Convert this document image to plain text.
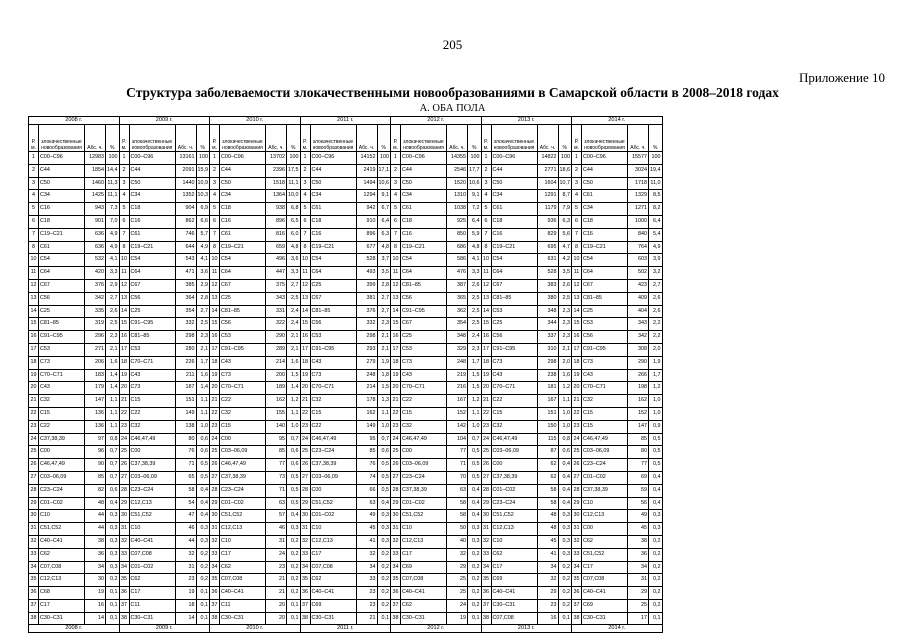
205
Приложение 10
Структура заболеваемости злокачественными новообразованиями в Самарской области в 2008–2018 годах
А. ОБА ПОЛА
2008 г.				2009 г.				2010 г.				2011 г.				2012 г.				2013 г.				2014 г.			
Р. м.	злокачественные новообразования	Абс. ч.	%	Р. м.	злокачественные новообразования	Абс. ч.	%	Р. м.	злокачественные новообразования	Абс. ч.	%	Р. м.	злокачественные новообразования	Абс. ч.	%	Р. м.	злокачественные новообразования	Абс. ч.	%	Р. м.	злокачественные новообразования	Абс. ч.	%	Р. м.	злокачественные новообразования	Абс. ч.	%
1	C00–C96	12983	100	1	C00–C96	13161	100	1	C00–C96	13702	100	1	C00–C96	14152	100	1	C00–C96	14355	100	1	C00–C96	14822	100	1	C00–C96	15577	100
2	C44	1854	14,4	2	C44	2091	15,9	2	C44	2396	17,5	2	C44	2419	17,1	2	C44	2546	17,7	2	C44	2771	18,6	2	C44	3024	19,4
3	C50	1460	11,3	3	C50	1440	10,9	3	C50	1518	11,1	3	C50	1494	10,6	3	C50	1520	10,6	3	C50	1604	10,7	3	C50	1718	11,0
4	C34	1425	11,1	4	C34	1352	10,3	4	C34	1364	10,0	4	C34	1294	9,1	4	C34	1310	9,1	4	C34	1291	8,7	4	C61	1329	8,5
5	C16	943	7,3	5	C18	904	6,9	5	C18	938	6,8	5	C61	942	6,7	5	C61	1038	7,2	5	C61	1179	7,9	5	C34	1271	8,2
6	C18	901	7,0	6	C16	862	6,6	6	C16	896	6,5	6	C18	910	6,4	6	C18	925	6,4	6	C18	936	6,3	6	C18	1000	6,4
7	C19–C21	636	4,9	7	C61	746	5,7	7	C61	816	6,0	7	C16	896	6,3	7	C16	850	5,9	7	C16	829	5,6	7	C16	840	5,4
8	C61	636	4,9	8	C19–C21	644	4,9	8	C19–C21	659	4,8	8	C19–C21	677	4,8	8	C19–C21	686	4,8	8	C19–C21	695	4,7	8	C19–C21	764	4,9
10	C54	532	4,1	10	C54	543	4,1	10	C54	496	3,6	10	C54	528	3,7	10	C54	586	4,1	10	C54	631	4,2	10	C54	603	3,9
11	C64	420	3,3	11	C64	471	3,6	11	C64	447	3,3	11	C64	493	3,5	11	C64	476	3,3	11	C64	528	3,5	11	C64	502	3,2
12	C67	376	2,9	12	C67	385	2,9	12	C67	375	2,7	12	C25	399	2,8	12	C81–85	387	2,6	12	C67	383	2,6	12	C67	423	2,7
13	C56	342	2,7	13	C56	364	2,8	13	C25	343	2,5	13	C67	381	2,7	13	C56	365	2,5	13	C81–85	380	2,5	13	C81–85	409	2,6
14	C25	335	2,6	14	C25	354	2,7	14	C81–85	331	2,4	14	C81–85	376	2,7	14	C91–C95	362	2,5	14	C53	348	2,3	14	C25	404	2,6
15	C81–85	319	2,5	15	C91–C95	332	2,5	15	C56	322	2,4	15	C56	332	2,3	15	C67	354	2,5	15	C25	344	2,3	15	C53	343	2,2
16	C91–C95	296	2,3	16	C81–85	298	2,3	16	C53	290	2,1	16	C53	298	2,1	16	C25	348	2,4	16	C56	337	2,3	16	C56	342	2,2
17	C53	271	2,1	17	C53	280	2,1	17	C91–C95	289	2,1	17	C91–C95	293	2,1	17	C53	329	2,3	17	C91–C95	310	2,1	17	C91–C95	308	2,0
18	C73	206	1,6	18	C70–C71	226	1,7	18	C43	214	1,6	18	C43	279	1,9	18	C73	248	1,7	18	C73	298	2,0	18	C73	290	1,9
19	C70–C71	183	1,4	19	C43	211	1,6	19	C73	200	1,5	19	C73	248	1,8	19	C43	219	1,5	19	C43	238	1,6	19	C43	266	1,7
20	C43	179	1,4	20	C73	187	1,4	20	C70–C71	189	1,4	20	C70–C71	214	1,5	20	C70–C71	216	1,5	20	C70–C71	181	1,2	20	C70–C71	198	1,2
21	C32	147	1,1	21	C15	151	1,1	21	C22	162	1,2	21	C32	178	1,3	21	C22	167	1,2	21	C22	167	1,1	21	C32	162	1,0
22	C15	136	1,1	22	C22	149	1,1	22	C32	155	1,1	22	C15	162	1,1	22	C15	152	1,1	22	C15	151	1,0	22	C15	152	1,0
23	C22	136	1,1	23	C32	138	1,0	23	C15	140	1,0	23	C22	149	1,0	23	C32	142	1,0	23	C32	150	1,0	23	C15	147	0,9
24	C37,38,39	97	0,8	24	C46,47,49	80	0,6	24	C00	95	0,7	24	C46,47,49	95	0,7	24	C46,47,49	104	0,7	24	C46,47,49	115	0,8	24	C46,47,49	85	0,5
25	C00	96	0,7	25	C00	76	0,6	25	C03–06,09	85	0,6	25	C23–C24	85	0,6	25	C00	77	0,5	25	C03–06,09	87	0,6	25	C03–06,09	80	0,5
26	C46,47,49	90	0,7	26	C37,38,39	71	0,5	26	C46,47,49	77	0,6	26	C37,38,39	76	0,5	26	C03–06,09	71	0,5	26	C00	62	0,4	26	C23–C24	77	0,5
27	C03–06,09	85	0,7	27	C03–06,09	65	0,5	27	C37,38,39	73	0,5	27	C03–06,09	74	0,5	27	C23–C24	70	0,5	27	C37,38,39	62	0,4	27	C01–C02	69	0,4
28	C23–C24	82	0,6	28	C23–C24	58	0,4	28	C23–C24	71	0,5	28	C00	66	0,5	28	C37,38,39	63	0,4	28	C01–C02	58	0,4	28	C37,38,39	59	0,4
29	C01–C02	48	0,4	29	C12,C13	54	0,4	29	C01–C02	63	0,5	29	C51,C52	63	0,4	29	C01–C02	58	0,4	29	C23–C24	58	0,4	29	C10	56	0,4
30	C10	44	0,3	30	C51,C52	47	0,4	30	C51,C52	57	0,4	30	C01–C02	49	0,3	30	C51,C52	58	0,4	30	C51,C52	48	0,3	30	C12,C13	49	0,3
31	C51,C52	44	0,3	31	C10	46	0,3	31	C12,C13	46	0,3	31	C10	45	0,3	31	C10	50	0,3	31	C12,C13	48	0,3	31	C00	45	0,3
32	C40–C41	38	0,3	32	C40–C41	44	0,3	32	C10	31	0,2	32	C12,C13	41	0,3	32	C12,C13	40	0,3	32	C10	45	0,3	32	C62	38	0,2
33	C62	36	0,3	33	C07,C08	32	0,2	33	C17	24	0,2	33	C17	32	0,2	33	C17	32	0,2	33	C62	41	0,3	33	C51,C52	36	0,2
34	C07,C08	34	0,3	34	C01–C02	31	0,2	34	C62	23	0,2	34	C07,C08	34	0,2	34	C69	29	0,2	34	C17	34	0,2	34	C17	34	0,2
35	C12,C13	30	0,2	35	C62	23	0,2	35	C07,C08	21	0,2	35	C62	33	0,2	35	C07,C08	25	0,2	35	C69	32	0,2	35	C07,C08	31	0,2
36	C68	19	0,1	36	C17	19	0,1	36	C40–C41	21	0,2	36	C40–C41	23	0,2	36	C40–C41	25	0,2	36	C40–C41	29	0,2	36	C40–C41	29	0,2
37	C17	16	0,1	37	C11	18	0,1	37	C11	20	0,1	37	C69	23	0,2	37	C62	24	0,2	37	C30–C31	23	0,2	37	C69	25	0,2
38	C30–C31	14	0,1	38	C30–C31	14	0,1	38	C30–C31	20	0,1	38	C30–C31	21	0,1	38	C30–C31	19	0,1	38	C07,C08	16	0,1	38	C30–C31	17	0,1
2008 г.				2009 г.				2010 г.				2011 г.				2012 г.				2013 г.				2014 г.			
